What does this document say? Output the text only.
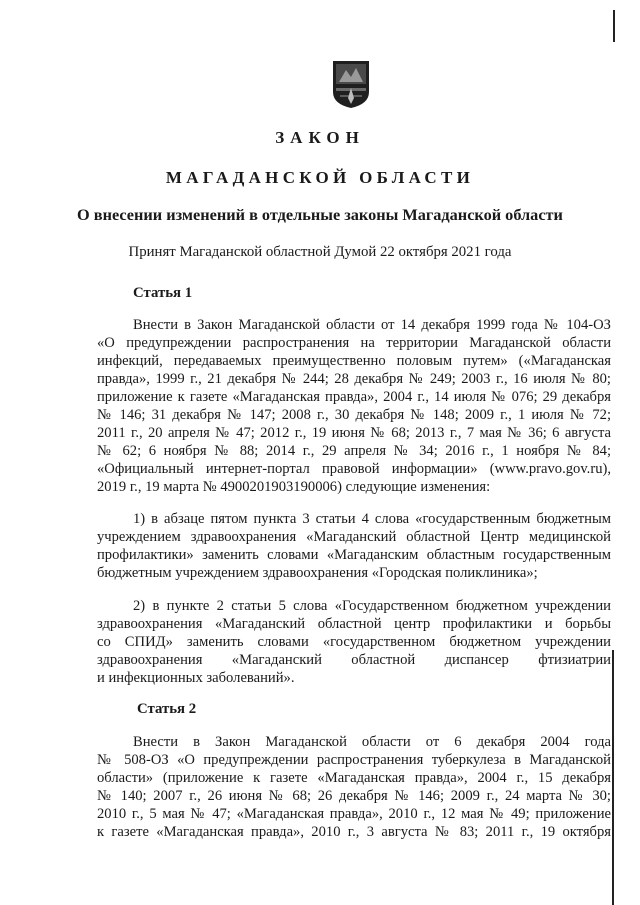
ЗАКОН
МАГАДАНСКОЙ ОБЛАСТИ
О внесении изменений в отдельные законы Магаданской области
Принят Магаданской областной Думой 22 октября 2021 года
Статья 1
Внести в Закон Магаданской области от 14 декабря 1999 года № 104-ОЗ
«О предупреждении распространения на территории Магаданской области
инфекций, передаваемых преимущественно половым путем» («Магаданская
правда», 1999 г., 21 декабря № 244; 28 декабря № 249; 2003 г., 16 июля № 80;
приложение к газете «Магаданская правда», 2004 г., 14 июля № 076; 29 декабря
№ 146; 31 декабря № 147; 2008 г., 30 декабря № 148; 2009 г., 1 июля № 72;
2011 г., 20 апреля № 47; 2012 г., 19 июня № 68; 2013 г., 7 мая № 36; 6 августа
№ 62; 6 ноября № 88; 2014 г., 29 апреля № 34; 2016 г., 1 ноября № 84;
«Официальный интернет-портал правовой информации» (www.pravo.gov.ru),
2019 г., 19 марта № 4900201903190006) следующие изменения:
1) в абзаце пятом пункта 3 статьи 4 слова «государственным бюджетным
учреждением здравоохранения «Магаданский областной Центр медицинской
профилактики» заменить словами «Магаданским областным государственным
бюджетным учреждением здравоохранения «Городская поликлиника»;
2) в пункте 2 статьи 5 слова «Государственном бюджетном учреждении
здравоохранения «Магаданский областной центр профилактики и борьбы
со СПИД» заменить словами «государственном бюджетном учреждении
здравоохранения «Магаданский областной диспансер фтизиатрии
и инфекционных заболеваний».
Статья 2
Внести в Закон Магаданской области от 6 декабря 2004 года
№ 508-ОЗ «О предупреждении распространения туберкулеза в Магаданской
области» (приложение к газете «Магаданская правда», 2004 г., 15 декабря
№ 140; 2007 г., 26 июня № 68; 26 декабря № 146; 2009 г., 24 марта № 30;
2010 г., 5 мая № 47; «Магаданская правда», 2010 г., 12 мая № 49; приложение
к газете «Магаданская правда», 2010 г., 3 августа № 83; 2011 г., 19 октября
